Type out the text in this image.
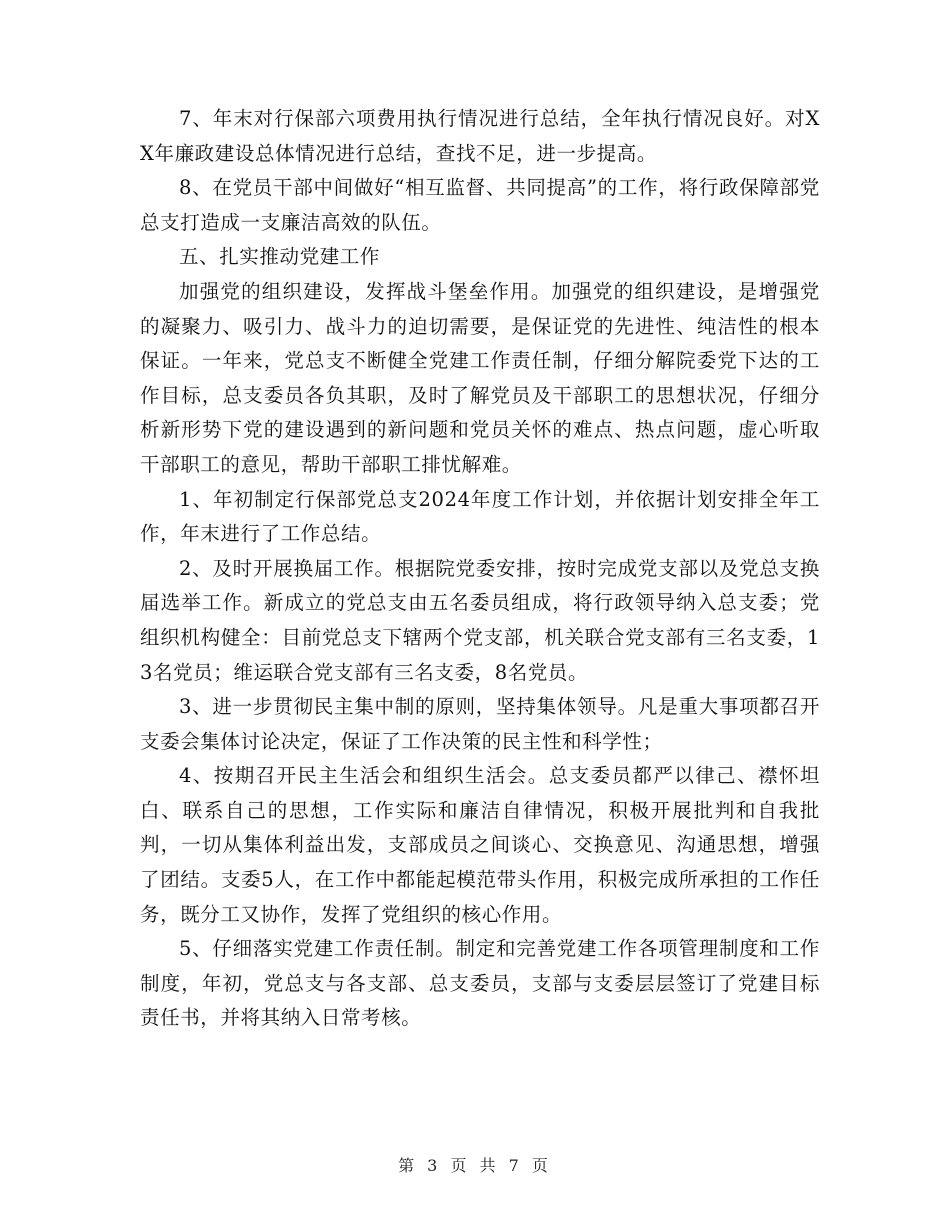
7、年末对行保部六项费用执行情况进行总结，全年执行情况良好。对XX年廉政建设总体情况进行总结，查找不足，进一步提高。

8、在党员干部中间做好“相互监督、共同提高”的工作，将行政保障部党总支打造成一支廉洁高效的队伍。

五、扎实推动党建工作

加强党的组织建设，发挥战斗堡垒作用。加强党的组织建设，是增强党的凝聚力、吸引力、战斗力的迫切需要，是保证党的先进性、纯洁性的根本保证。一年来，党总支不断健全党建工作责任制，仔细分解院委党下达的工作目标，总支委员各负其职，及时了解党员及干部职工的思想状况，仔细分析新形势下党的建设遇到的新问题和党员关怀的难点、热点问题，虚心听取干部职工的意见，帮助干部职工排忧解难。

1、年初制定行保部党总支2024年度工作计划，并依据计划安排全年工作，年末进行了工作总结。

2、及时开展换届工作。根据院党委安排，按时完成党支部以及党总支换届选举工作。新成立的党总支由五名委员组成，将行政领导纳入总支委；党组织机构健全：目前党总支下辖两个党支部，机关联合党支部有三名支委，13名党员；维运联合党支部有三名支委，8名党员。

3、进一步贯彻民主集中制的原则，坚持集体领导。凡是重大事项都召开支委会集体讨论决定，保证了工作决策的民主性和科学性；

4、按期召开民主生活会和组织生活会。总支委员都严以律己、襟怀坦白、联系自己的思想，工作实际和廉洁自律情况，积极开展批判和自我批判，一切从集体利益出发，支部成员之间谈心、交换意见、沟通思想，增强了团结。支委5人，在工作中都能起模范带头作用，积极完成所承担的工作任务，既分工又协作，发挥了党组织的核心作用。

5、仔细落实党建工作责任制。制定和完善党建工作各项管理制度和工作制度，年初，党总支与各支部、总支委员，支部与支委层层签订了党建目标责任书，并将其纳入日常考核。

第 3 页 共 7 页
